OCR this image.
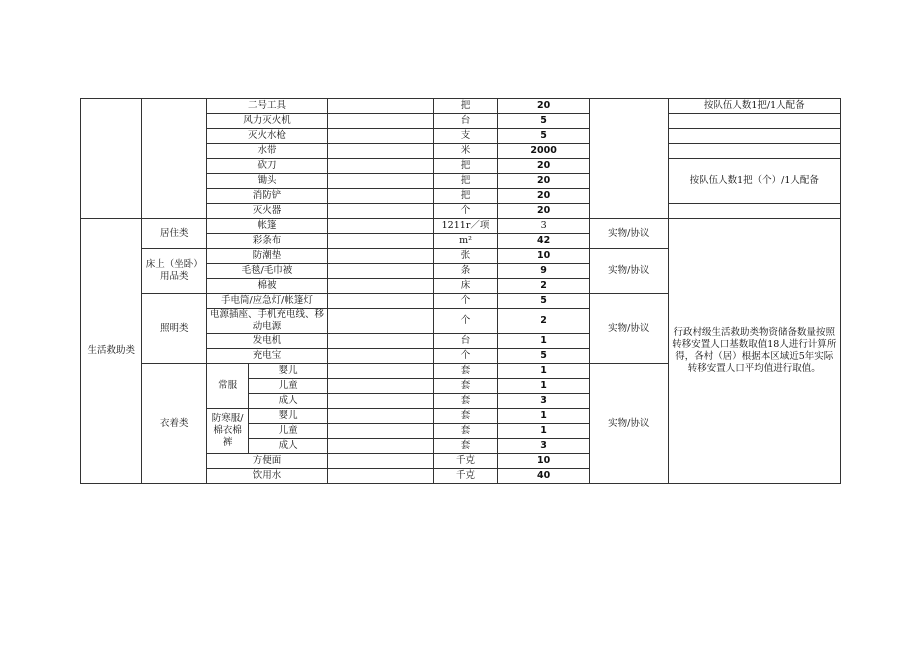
		二号工具			把	20		按队伍人数1把/1人配备
		风力灭火机			台	5		
		灭火水枪			支	5		
		水带			米	2000		
		砍刀			把	20		按队伍人数1把（个）/1人配备
		锄头			把	20		
		消防铲			把	20		
		灭火器			个	20		
生活救助类	居住类	帐篷			1211r／项	3	实物/协议	行政村级生活救助类物资储备数量按照转移安置人口基数取值18人进行计算所得，各村（居）根据本区域近5年实际转移安置人口平均值进行取值。
		彩条布			m²	42		
	床上（坐卧）用品类	防潮垫			张	10	实物/协议	
		毛毯/毛巾被			条	9		
		棉被			床	2		
	照明类	手电筒/应急灯/帐篷灯			个	5	实物/协议	
		电源插座、手机充电线、移动电源			个	2		
		发电机			台	1		
		充电宝			个	5		
	衣着类	常服	婴儿		套	1	实物/协议	
			儿童		套	1		
			成人		套	3		
		防寒服/棉衣棉裤	婴儿		套	1		
			儿童		套	1		
			成人		套	3		
		方便面			千克	10		
		饮用水			千克	40		
